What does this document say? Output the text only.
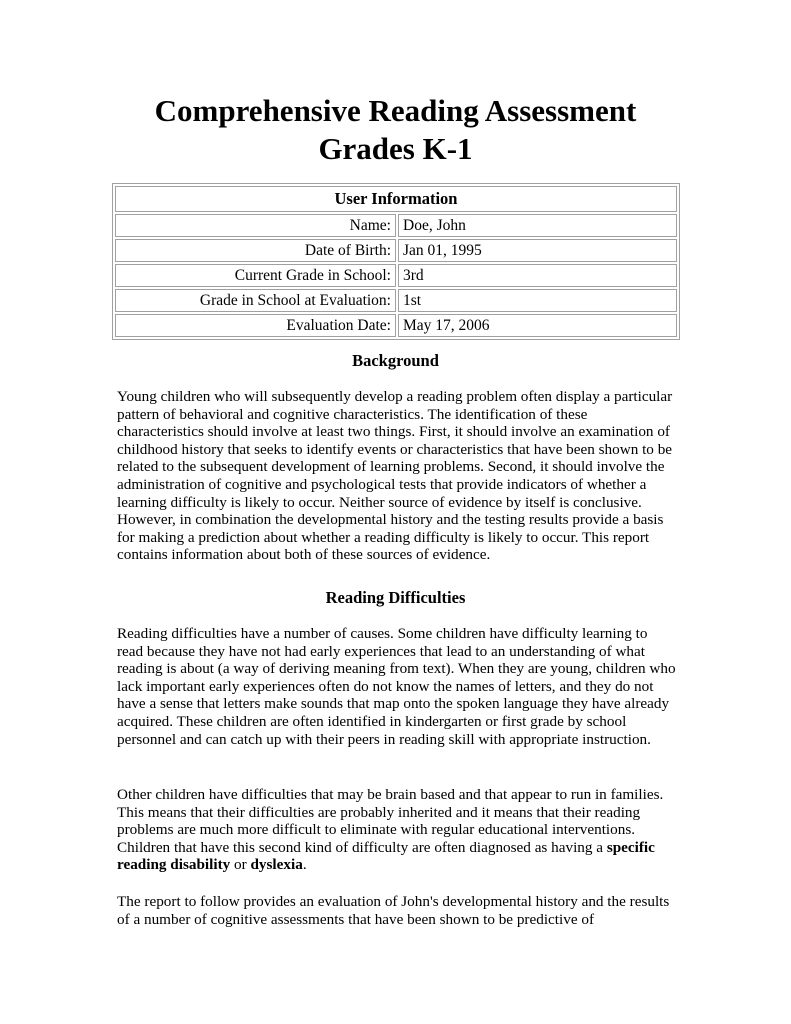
Comprehensive Reading Assessment
Grades K-1
User Information	
Name:	Doe, John
Date of Birth:	Jan 01, 1995
Current Grade in School:	3rd
Grade in School at Evaluation:	1st
Evaluation Date:	May 17, 2006
Background

Young children who will subsequently develop a reading problem often display a particular pattern of behavioral and cognitive characteristics. The identification of these characteristics should involve at least two things. First, it should involve an examination of childhood history that seeks to identify events or characteristics that have been shown to be related to the subsequent development of learning problems. Second, it should involve the administration of cognitive and psychological tests that provide indicators of whether a learning difficulty is likely to occur. Neither source of evidence by itself is conclusive. However, in combination the developmental history and the testing results provide a basis for making a prediction about whether a reading difficulty is likely to occur. This report contains information about both of these sources of evidence.

Reading Difficulties

Reading difficulties have a number of causes. Some children have difficulty learning to read because they have not had early experiences that lead to an understanding of what reading is about (a way of deriving meaning from text). When they are young, children who lack important early experiences often do not know the names of letters, and they do not have a sense that letters make sounds that map onto the spoken language they have already acquired. These children are often identified in kindergarten or first grade by school personnel and can catch up with their peers in reading skill with appropriate instruction.

Other children have difficulties that may be brain based and that appear to run in families. This means that their difficulties are probably inherited and it means that their reading problems are much more difficult to eliminate with regular educational interventions. Children that have this second kind of difficulty are often diagnosed as having a specific reading disability or dyslexia.

The report to follow provides an evaluation of John's developmental history and the results of a number of cognitive assessments that have been shown to be predictive of
